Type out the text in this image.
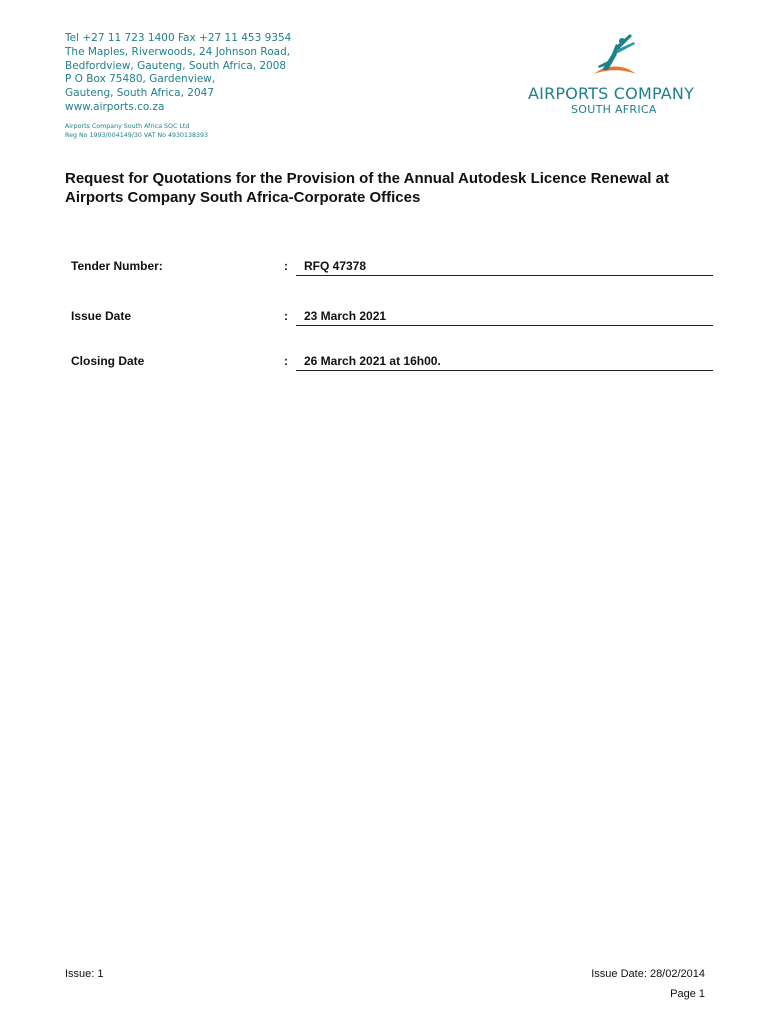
Tel +27 11 723 1400 Fax +27 11 453 9354
The Maples, Riverwoods, 24 Johnson Road,
Bedfordview, Gauteng, South Africa, 2008
P O Box 75480, Gardenview,
Gauteng, South Africa, 2047
www.airports.co.za
Airports Company South Africa SOC Ltd
Reg No 1993/004149/30 VAT No 4930138393
AIRPORTS COMPANY
SOUTH AFRICA
Request for Quotations for the Provision of the Annual Autodesk Licence Renewal at Airports Company South Africa-Corporate Offices
Tender Number:	:	RFQ 47378
Issue Date	:	23 March 2021
Closing Date	:	26 March 2021 at 16h00.
Issue: 1	Issue Date: 28/02/2014
Page 1
